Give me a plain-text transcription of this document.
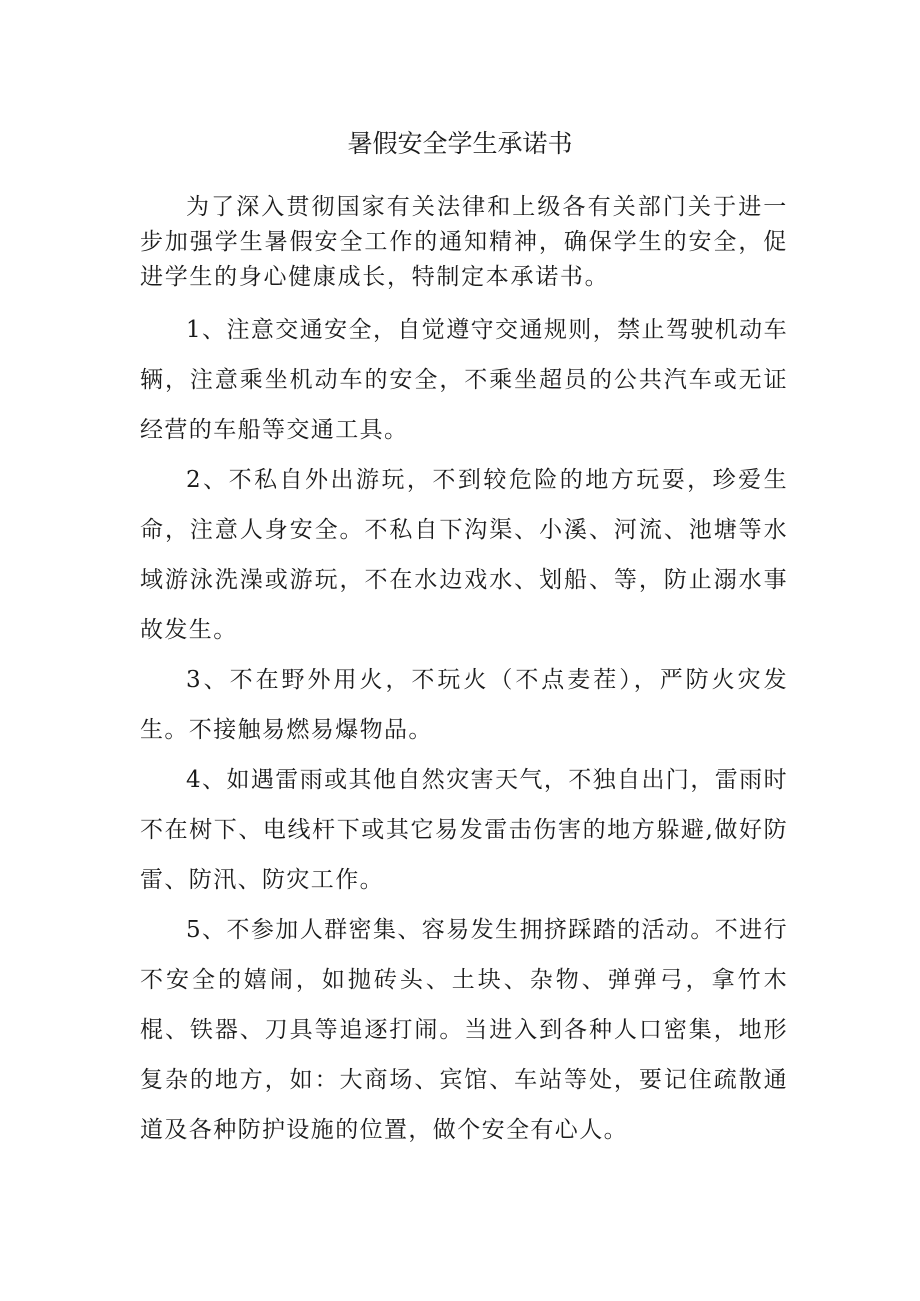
暑假安全学生承诺书

为了深入贯彻国家有关法律和上级各有关部门关于进一步加强学生暑假安全工作的通知精神，确保学生的安全，促进学生的身心健康成长，特制定本承诺书。

1、注意交通安全，自觉遵守交通规则，禁止驾驶机动车辆，注意乘坐机动车的安全，不乘坐超员的公共汽车或无证经营的车船等交通工具。

2、不私自外出游玩，不到较危险的地方玩耍，珍爱生命，注意人身安全。不私自下沟渠、小溪、河流、池塘等水域游泳洗澡或游玩，不在水边戏水、划船、等，防止溺水事故发生。

3、不在野外用火，不玩火（不点麦茬），严防火灾发生。不接触易燃易爆物品。

4、如遇雷雨或其他自然灾害天气，不独自出门，雷雨时不在树下、电线杆下或其它易发雷击伤害的地方躲避,做好防雷、防汛、防灾工作。

5、不参加人群密集、容易发生拥挤踩踏的活动。不进行不安全的嬉闹，如抛砖头、土块、杂物、弹弹弓，拿竹木棍、铁器、刀具等追逐打闹。当进入到各种人口密集，地形复杂的地方，如：大商场、宾馆、车站等处，要记住疏散通道及各种防护设施的位置，做个安全有心人。
